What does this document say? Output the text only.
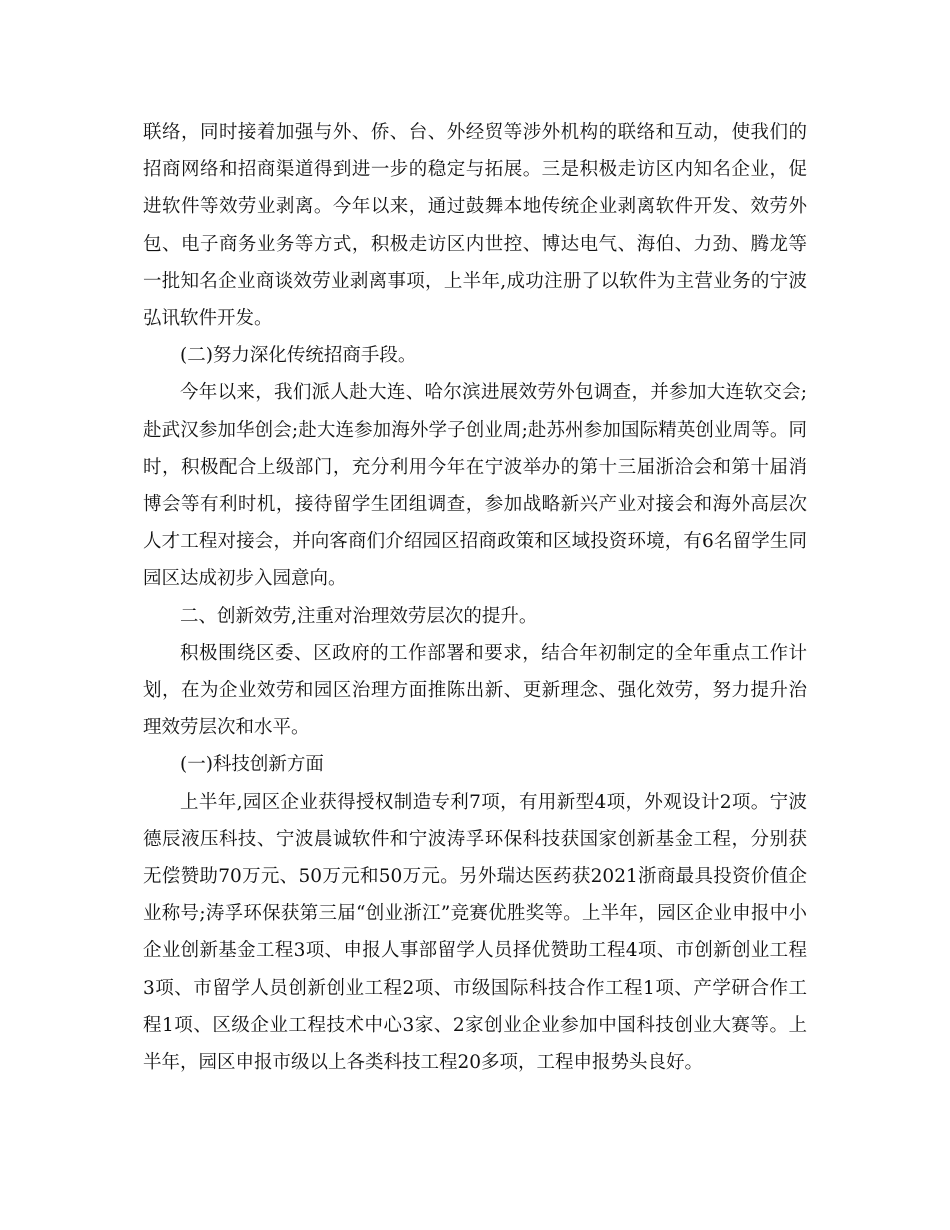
联络，同时接着加强与外、侨、台、外经贸等涉外机构的联络和互动，使我们的招商网络和招商渠道得到进一步的稳定与拓展。三是积极走访区内知名企业，促进软件等效劳业剥离。今年以来，通过鼓舞本地传统企业剥离软件开发、效劳外包、电子商务业务等方式，积极走访区内世控、博达电气、海伯、力劲、腾龙等一批知名企业商谈效劳业剥离事项，上半年,成功注册了以软件为主营业务的宁波弘讯软件开发。

(二)努力深化传统招商手段。

今年以来，我们派人赴大连、哈尔滨进展效劳外包调查，并参加大连软交会;赴武汉参加华创会;赴大连参加海外学子创业周;赴苏州参加国际精英创业周等。同时，积极配合上级部门，充分利用今年在宁波举办的第十三届浙洽会和第十届消博会等有利时机，接待留学生团组调查，参加战略新兴产业对接会和海外高层次人才工程对接会，并向客商们介绍园区招商政策和区域投资环境，有6名留学生同园区达成初步入园意向。

二、创新效劳,注重对治理效劳层次的提升。

积极围绕区委、区政府的工作部署和要求，结合年初制定的全年重点工作计划，在为企业效劳和园区治理方面推陈出新、更新理念、强化效劳，努力提升治理效劳层次和水平。

(一)科技创新方面

上半年,园区企业获得授权制造专利7项，有用新型4项，外观设计2项。宁波德辰液压科技、宁波晨诚软件和宁波涛孚环保科技获国家创新基金工程，分别获无偿赞助70万元、50万元和50万元。另外瑞达医药获2021浙商最具投资价值企业称号;涛孚环保获第三届“创业浙江”竞赛优胜奖等。上半年，园区企业申报中小企业创新基金工程3项、申报人事部留学人员择优赞助工程4项、市创新创业工程3项、市留学人员创新创业工程2项、市级国际科技合作工程1项、产学研合作工程1项、区级企业工程技术中心3家、2家创业企业参加中国科技创业大赛等。上半年，园区申报市级以上各类科技工程20多项，工程申报势头良好。
